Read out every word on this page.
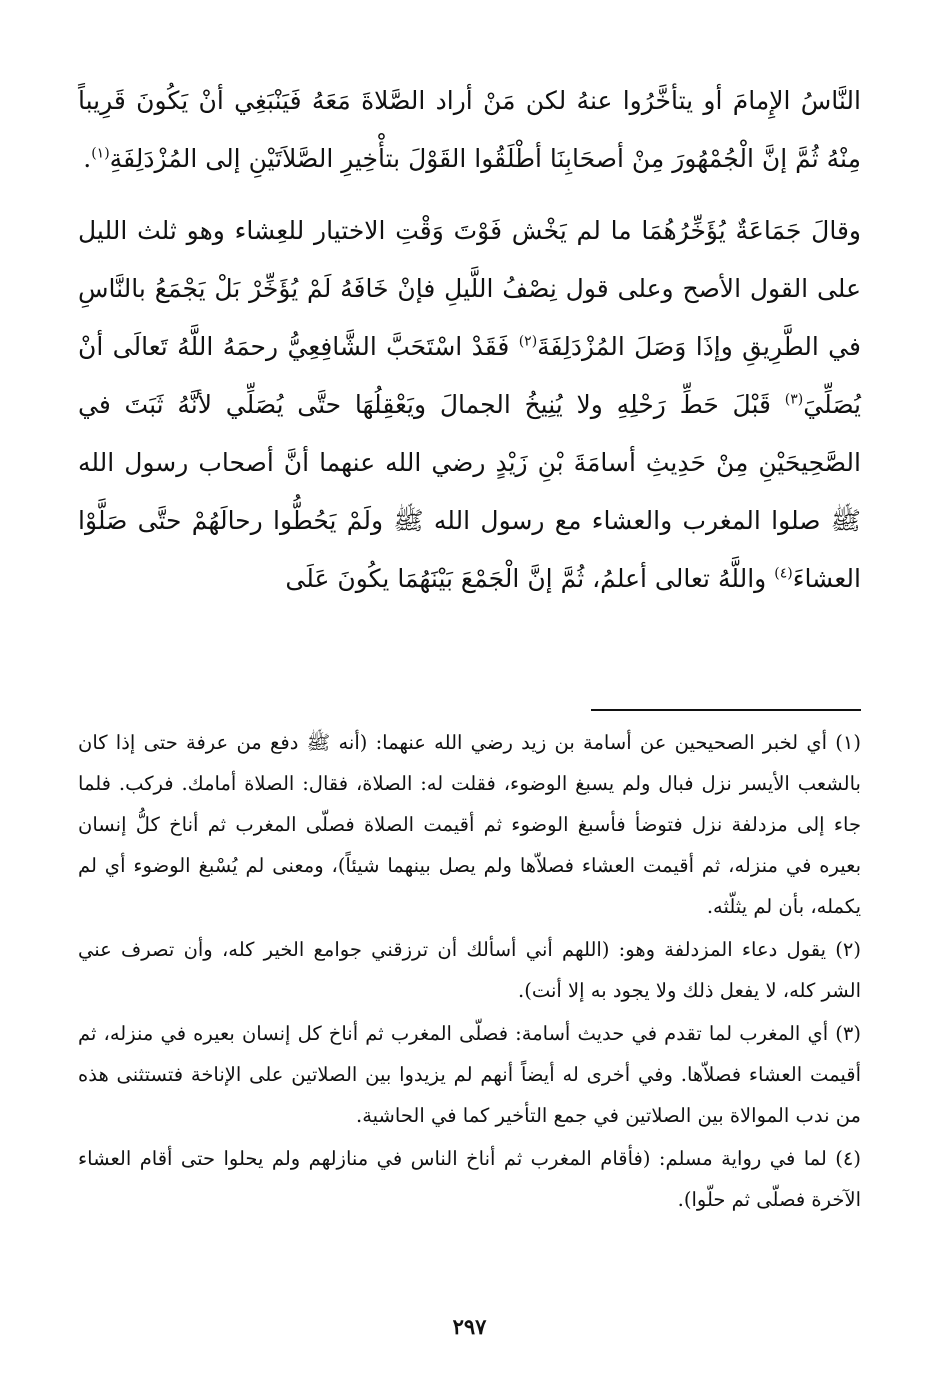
النَّاسُ الإِمامَ أو يتأخَّرُوا عنهُ لكن مَنْ أراد الصَّلاةَ مَعَهُ فَيَنْبَغِي أنْ يَكُونَ قَرِيباً مِنْهُ ثُمَّ إنَّ الْجُمْهُورَ مِنْ أصحَابِنَا أطْلَقُوا القَوْلَ بتأْخِيرِ الصَّلاَتَيْنِ إلى المُزْدَلِفَةِ$^{(١)}$.

وقالَ جَمَاعَةٌ يُؤَخِّرُهُمَا ما لم يَخْش فَوْتَ وَقْتِ الاختيار للعِشاء وهو ثلث الليل على القول الأصح وعلى قول نِصْفُ اللَّيلِ فإنْ خَافَهُ لَمْ يُؤَخِّرْ بَلْ يَجْمَعُ بالنَّاسِ في الطَّرِيقِ وإذَا وَصَلَ المُزْدَلِفَةَ$^{(٢)}$ فَقَدْ اسْتَحَبَّ الشَّافِعِيُّ رحمَهُ اللَّهُ تَعالَى أنْ يُصَلِّيَ$^{(٣)}$ قَبْلَ حَطِّ رَحْلِهِ ولا يُنِيخُ الجمالَ ويَعْقِلُهَا حتَّى يُصَلِّي لأنَّهُ ثَبَتَ في الصَّحِيحَيْنِ مِنْ حَدِيثِ أسامَةَ بْنِ زَيْدٍ رضي الله عنهما أنَّ أصحاب رسول الله ﷺ صلوا المغرب والعشاء مع رسول الله ﷺ ولَمْ يَحُطُّوا رحالَهُمْ حتَّى صَلَّوْا العشاءَ$^{(٤)}$ واللَّهُ تعالى أعلمُ، ثُمَّ إنَّ الْجَمْعَ بَيْنَهُمَا يكُونَ عَلَى

(١) أي لخبر الصحيحين عن أسامة بن زيد رضي الله عنهما: (أنه ﷺ دفع من عرفة حتى إذا كان بالشعب الأيسر نزل فبال ولم يسبغ الوضوء، فقلت له: الصلاة، فقال: الصلاة أمامك. فركب. فلما جاء إلى مزدلفة نزل فتوضأ فأسبغ الوضوء ثم أقيمت الصلاة فصلّى المغرب ثم أناخ كلُّ إنسان بعيره في منزله، ثم أقيمت العشاء فصلاّها ولم يصل بينهما شيئاً)، ومعنى لم يُسْبغ الوضوء أي لم يكمله، بأن لم يثلّثه.

(٢) يقول دعاء المزدلفة وهو: (اللهم أني أسألك أن ترزقني جوامع الخير كله، وأن تصرف عني الشر كله، لا يفعل ذلك ولا يجود به إلا أنت).

(٣) أي المغرب لما تقدم في حديث أسامة: فصلّى المغرب ثم أناخ كل إنسان بعيره في منزله، ثم أقيمت العشاء فصلاّها. وفي أخرى له أيضاً أنهم لم يزيدوا بين الصلاتين على الإناخة فتستثنى هذه من ندب الموالاة بين الصلاتين في جمع التأخير كما في الحاشية.

(٤) لما في رواية مسلم: (فأقام المغرب ثم أناخ الناس في منازلهم ولم يحلوا حتى أقام العشاء الآخرة فصلّى ثم حلّوا).

٢٩٧
